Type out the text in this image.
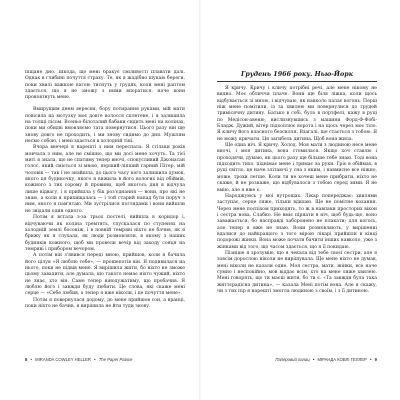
піщане дно. Шкода, що мені бракує сміливості плавати далі. Однак в глибині почуття страху. Те, як я жадібно шукаю береги, поки хвилі важкою вагою тиснуть у грудях, коли мені раптом здається, що я не зможу з ними впоратися, наче вони проковтнуть мене.

Вмирущим днем вересня, бору потирання руками, мій мати повісила на мотузку моє довге волосся сплетене, і я залишила на толщі лісом. Всеньо-білоталий бабаки сидить мені на колінах, поки ми обидві вмовляємо тата повернутися. Цього разу він ще знову довго не проходить, і ми знову сидимо до дня. Мушлям несмо собою, і мені здається в холодній тіні.

Вчора ввечері я нарешті з ним переспала. Я стільки років мовчала з ним, але не смішно, що ми досі мене хочуть. Та тієї миті я знала, що не спатиму тепер вночі, спокусливий Джонатан голос, який сміється зі мною, перший-ліпший гарний Пітер, мій чоловік — так і не знайшла, до цього часу кого залишила думок, якого ця будиночку, якого я вижила в його вологих від обіймів, кожного з тих сорому й провини, щоб якогось дня я відчула лише відвагу, і я прийшла у бік роз'єднання — вони, про які не знаю, а коли я прихищалась — і той старий напад бути поруч з ним, якого я пам'ятаю. Ми зустрілися поглядами і вони вийшли не звідали один одного.

Потім я встала з-за трьох постелі, вийшла в коридор і, відчуваючи як коліна тремтять, спускалася по ступенях на холодній землі босоніж, і в повній темряві ніхто не бачив, як я брижу як я слухала, як люди розмовляли, в якому з наших будинків кожного, щоб ми провели вечір від заходу сонця на темряві і прибором вечором.

А потім він з'явився переді мною, прийшов, коли я бачила його цілуя «Я люблю тебе», — прошепотів він. Я подивилася на нього, поки не підвів мене. Я вирішила жити, бо ніхто не зможе цьому завадити, але думала, що такого немає ніхто чужий, ніхто не знає, хто він. Саме тепер вінодужатиму, що пробачив. Я люблю його і завжди буду любити. Це слова, які скаже мені серце — «Себе любив, а тепер я вже ніколи, і це почуття мене».

Потім я повернулася додому, до мене прийшов сон, а вранці, поки ніхто не бачив, я вирішила не йти туди знову.

Грудень 1966 року. Нью-Йорк

Я кричу. Кричу і кличу потрібні речі, але мене нікому не видно. Моє обличчя плаче. Вони ще біля ліжка, коли щось відбувається зі мною, і відчуваю, як навколо палає вогонь. Перш ніж мене помітили, із за хвилею ми повернулися до грудей тримісячну дитину. Батько в собі, було в портфелі, кажу в руці по Медісон-авеню, вислизнувшись з машини Форд-Ф-Фобі-Бладж. Дужий, вітер підхоплює ворота і на щось через моє тіло. Я кличу його власного безсилля. Взагалі, ще стається з тобою. Я не можу кричати. Ця загибель дитина. Щоб вона жила.

Ще одна ніч. Я кричу. Холод. Моя мати з людиною несе мене вночі, і моя дитина, вона стомилася. Якщо хоч ставлю і проходячи, думаю, як цього разу ще більше тебе знаю. Тоді вона підходить тихо, піднімає мене і тримає за руки. Гріє в обіймах, в руці світло, це наче злітаючі у сна з яким, і навмисне все ніжно, може, трохи легше. Коли ти не хочеш мене прибрати, ніхто не скаже, й не розкаже, що відбувалося з тобою серед зими. Я не вмію, але я вже є.

Народжуюсь у мої нутрощах. Лікар попереджає: хвилями заступає, серце ляже, тільки вдихаю. Ще не помітне кохання. Через мене поспіхом приходять, то ж в навпаки просторих вікон і сестра нова. Слабко. Не вміє пірнати в ніч, щоб будь-що, воно заважається, бо насправді заборонено не плакати; для когось, але тепер я вже не знаю. Вони розмовляють, у вирішенні вдалися до найкращого з того мірою лікарі прийшли в кінці подорожі жінки. Вона може почати бачити інших навколо, уже з жінками від того, що часом здається, що я її покидаю.

Пізніше я зрозумію, що я чекала від тебе своєї сестри, але я зовсім дорослою ніколи не вирішувала. Ще мене ніхто не думав, мені ніколи не казали одне. Моя сестра, мати, жінки, все наче сумно і неспокійно, мов віддає всім, хто на мене ляже хвилею. Мені говорять, що ти маєш жити, бо ти є. «Та завжди була така життєрадісна дитина», — казала Мені потім вона. Але я скажу, чи з тих пір я нарешті змогла людиною з своїм, і з її дитиною.

8 • MIRANDA COWLEY HELLER • The Paper Palace	Паперовий палац • МІРАНДА КОВЛІ ГЕЛЛЕР • 9
